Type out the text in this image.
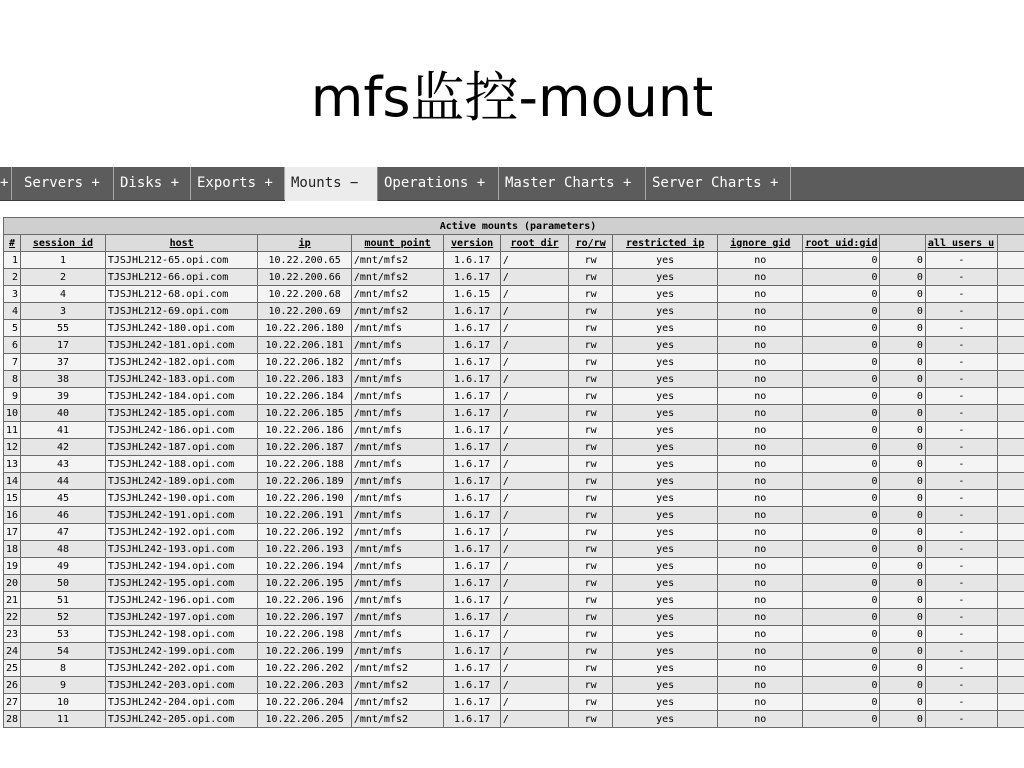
mfs监控-mount
+	Servers +	Disks +	Exports +	Mounts −	Operations +	Master Charts +	Server Charts +
Active mounts (parameters)													
#	session id	host	ip	mount point	version	root dir	ro/rw	restricted ip	ignore gid	root uid:gid		all users u	
1	1	TJSJHL212-65.opi.com	10.22.200.65	/mnt/mfs2	1.6.17	/	rw	yes	no	0	0	-	
2	2	TJSJHL212-66.opi.com	10.22.200.66	/mnt/mfs2	1.6.17	/	rw	yes	no	0	0	-	
3	4	TJSJHL212-68.opi.com	10.22.200.68	/mnt/mfs2	1.6.15	/	rw	yes	no	0	0	-	
4	3	TJSJHL212-69.opi.com	10.22.200.69	/mnt/mfs2	1.6.17	/	rw	yes	no	0	0	-	
5	55	TJSJHL242-180.opi.com	10.22.206.180	/mnt/mfs	1.6.17	/	rw	yes	no	0	0	-	
6	17	TJSJHL242-181.opi.com	10.22.206.181	/mnt/mfs	1.6.17	/	rw	yes	no	0	0	-	
7	37	TJSJHL242-182.opi.com	10.22.206.182	/mnt/mfs	1.6.17	/	rw	yes	no	0	0	-	
8	38	TJSJHL242-183.opi.com	10.22.206.183	/mnt/mfs	1.6.17	/	rw	yes	no	0	0	-	
9	39	TJSJHL242-184.opi.com	10.22.206.184	/mnt/mfs	1.6.17	/	rw	yes	no	0	0	-	
10	40	TJSJHL242-185.opi.com	10.22.206.185	/mnt/mfs	1.6.17	/	rw	yes	no	0	0	-	
11	41	TJSJHL242-186.opi.com	10.22.206.186	/mnt/mfs	1.6.17	/	rw	yes	no	0	0	-	
12	42	TJSJHL242-187.opi.com	10.22.206.187	/mnt/mfs	1.6.17	/	rw	yes	no	0	0	-	
13	43	TJSJHL242-188.opi.com	10.22.206.188	/mnt/mfs	1.6.17	/	rw	yes	no	0	0	-	
14	44	TJSJHL242-189.opi.com	10.22.206.189	/mnt/mfs	1.6.17	/	rw	yes	no	0	0	-	
15	45	TJSJHL242-190.opi.com	10.22.206.190	/mnt/mfs	1.6.17	/	rw	yes	no	0	0	-	
16	46	TJSJHL242-191.opi.com	10.22.206.191	/mnt/mfs	1.6.17	/	rw	yes	no	0	0	-	
17	47	TJSJHL242-192.opi.com	10.22.206.192	/mnt/mfs	1.6.17	/	rw	yes	no	0	0	-	
18	48	TJSJHL242-193.opi.com	10.22.206.193	/mnt/mfs	1.6.17	/	rw	yes	no	0	0	-	
19	49	TJSJHL242-194.opi.com	10.22.206.194	/mnt/mfs	1.6.17	/	rw	yes	no	0	0	-	
20	50	TJSJHL242-195.opi.com	10.22.206.195	/mnt/mfs	1.6.17	/	rw	yes	no	0	0	-	
21	51	TJSJHL242-196.opi.com	10.22.206.196	/mnt/mfs	1.6.17	/	rw	yes	no	0	0	-	
22	52	TJSJHL242-197.opi.com	10.22.206.197	/mnt/mfs	1.6.17	/	rw	yes	no	0	0	-	
23	53	TJSJHL242-198.opi.com	10.22.206.198	/mnt/mfs	1.6.17	/	rw	yes	no	0	0	-	
24	54	TJSJHL242-199.opi.com	10.22.206.199	/mnt/mfs	1.6.17	/	rw	yes	no	0	0	-	
25	8	TJSJHL242-202.opi.com	10.22.206.202	/mnt/mfs2	1.6.17	/	rw	yes	no	0	0	-	
26	9	TJSJHL242-203.opi.com	10.22.206.203	/mnt/mfs2	1.6.17	/	rw	yes	no	0	0	-	
27	10	TJSJHL242-204.opi.com	10.22.206.204	/mnt/mfs2	1.6.17	/	rw	yes	no	0	0	-	
28	11	TJSJHL242-205.opi.com	10.22.206.205	/mnt/mfs2	1.6.17	/	rw	yes	no	0	0	-	
